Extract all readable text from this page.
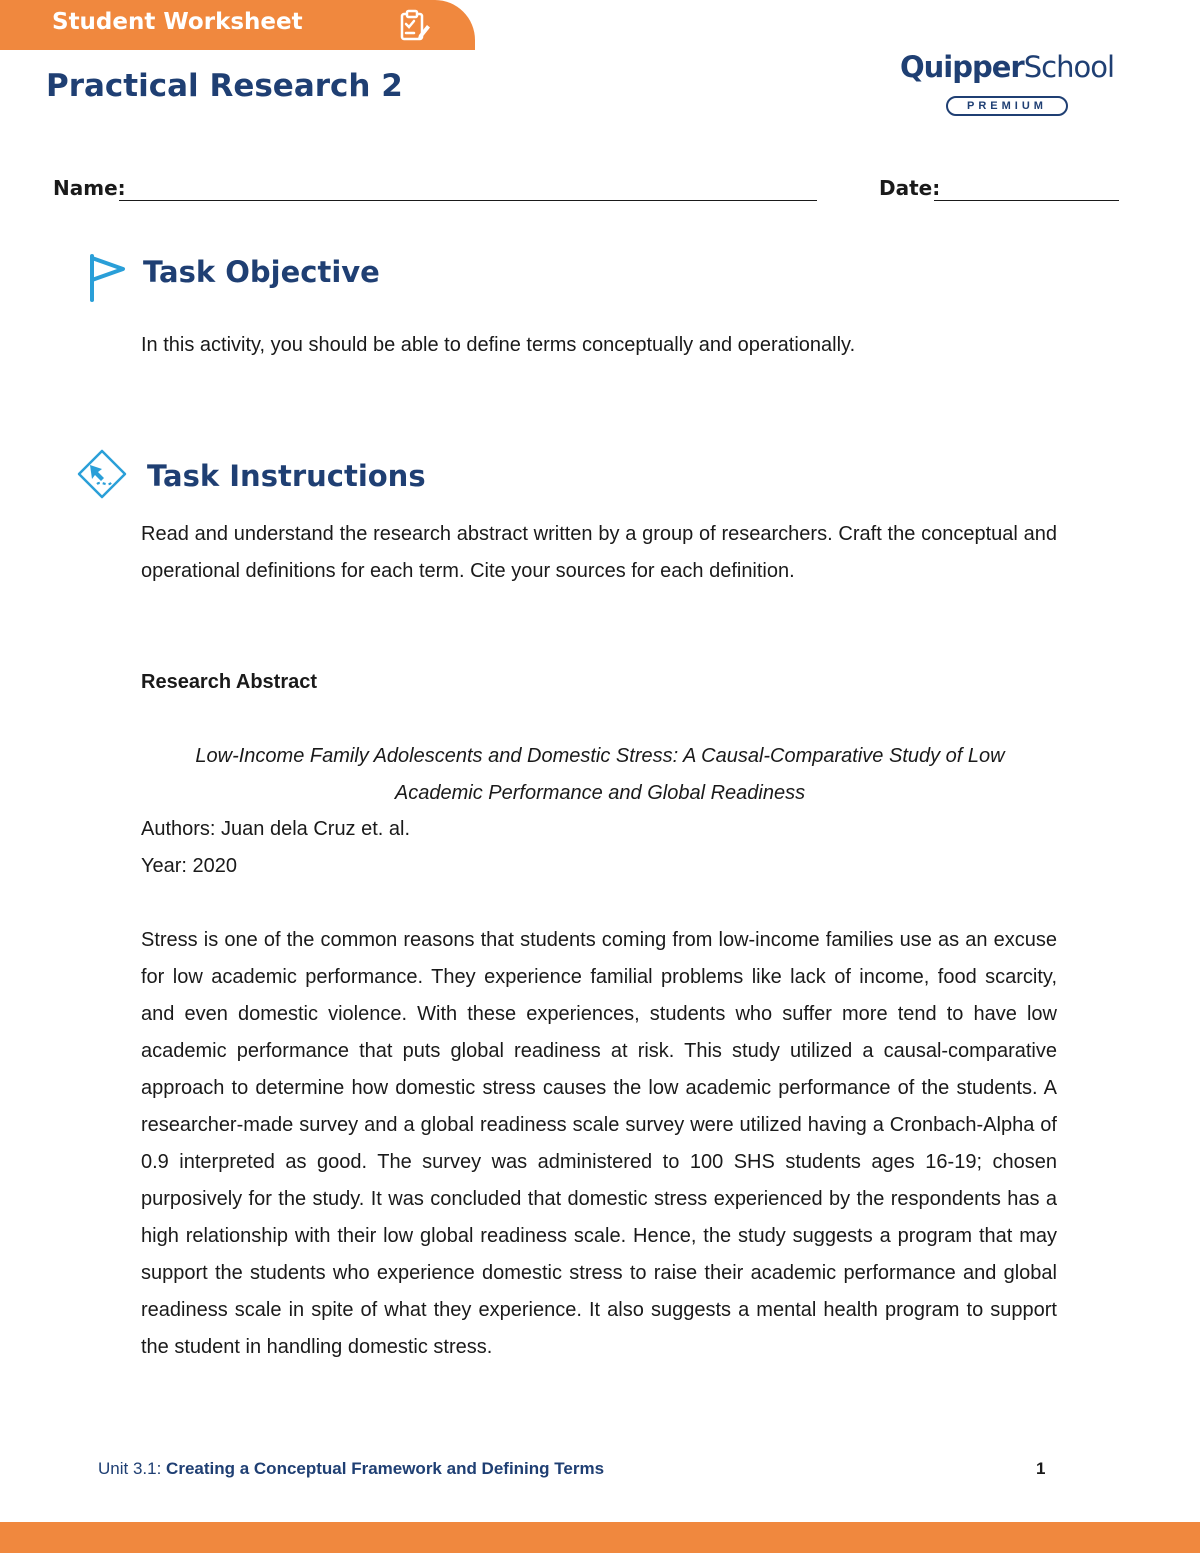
Student Worksheet
Practical Research 2
QuipperSchool
PREMIUM
Name:	Date:
Task Objective
In this activity, you should be able to define terms conceptually and operationally.
Task Instructions
Read and understand the research abstract written by a group of researchers. Craft the conceptual and operational definitions for each term. Cite your sources for each definition.
Research Abstract
Low-Income Family Adolescents and Domestic Stress: A Causal-Comparative Study of Low Academic Performance and Global Readiness
Authors: Juan dela Cruz et. al.
Year: 2020
Stress is one of the common reasons that students coming from low-income families use as an excuse for low academic performance. They experience familial problems like lack of income, food scarcity, and even domestic violence. With these experiences, students who suffer more tend to have low academic performance that puts global readiness at risk. This study utilized a causal-comparative approach to determine how domestic stress causes the low academic performance of the students. A researcher-made survey and a global readiness scale survey were utilized having a Cronbach-Alpha of 0.9 interpreted as good. The survey was administered to 100 SHS students ages 16-19; chosen purposively for the study. It was concluded that domestic stress experienced by the respondents has a high relationship with their low global readiness scale. Hence, the study suggests a program that may support the students who experience domestic stress to raise their academic performance and global readiness scale in spite of what they experience. It also suggests a mental health program to support the student in handling domestic stress.
Unit 3.1: Creating a Conceptual Framework and Defining Terms	1
